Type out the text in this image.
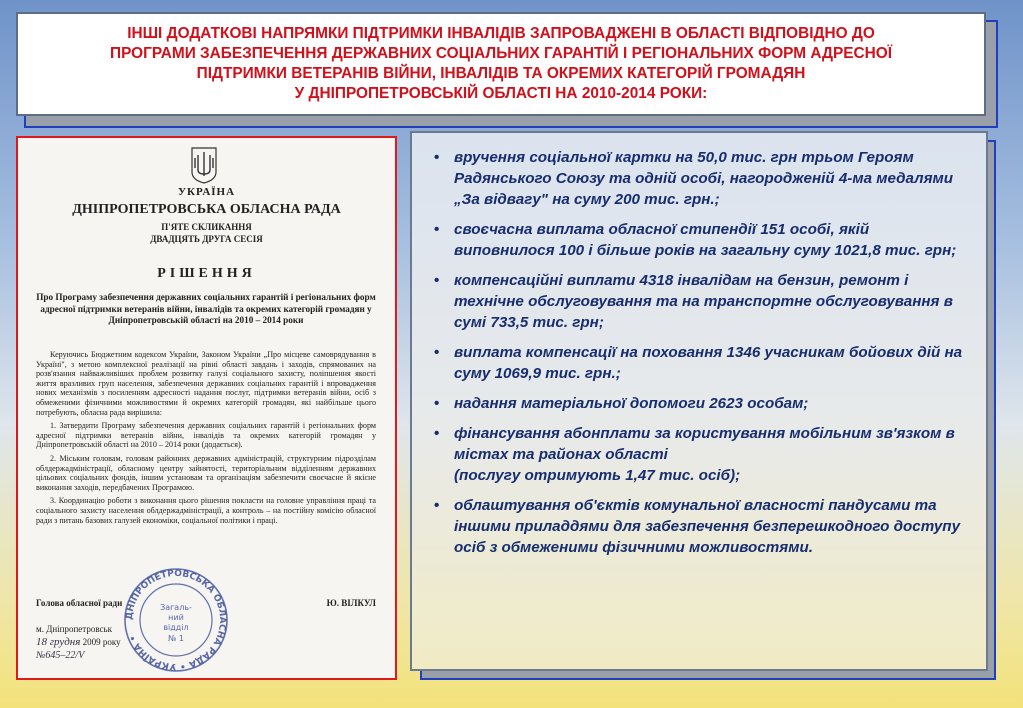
ІНШІ ДОДАТКОВІ НАПРЯМКИ ПІДТРИМКИ ІНВАЛІДІВ ЗАПРОВАДЖЕНІ В ОБЛАСТІ ВІДПОВІДНО ДО
ПРОГРАМИ ЗАБЕЗПЕЧЕННЯ ДЕРЖАВНИХ СОЦІАЛЬНИХ ГАРАНТІЙ І РЕГІОНАЛЬНИХ ФОРМ АДРЕСНОЇ
ПІДТРИМКИ ВЕТЕРАНІВ ВІЙНИ, ІНВАЛІДІВ ТА ОКРЕМИХ КАТЕГОРІЙ ГРОМАДЯН
У ДНІПРОПЕТРОВСЬКІЙ ОБЛАСТІ НА 2010-2014 РОКИ:
УКРАЇНА
ДНІПРОПЕТРОВСЬКА ОБЛАСНА РАДА
П'ЯТЕ СКЛИКАННЯ
ДВАДЦЯТЬ ДРУГА СЕСІЯ
РІШЕННЯ
Про Програму забезпечення державних соціальних гарантій і регіональних форм адресної підтримки ветеранів війни, інвалідів та окремих категорій громадян у Дніпропетровській області на 2010 – 2014 роки

Керуючись Бюджетним кодексом України, Законом України „Про місцеве самоврядування в Україні", з метою комплексної реалізації на рівні області завдань і заходів, спрямованих на розв'язання найважливіших проблем розвитку галузі соціального захисту, поліпшення якості життя вразливих груп населення, забезпечення державних соціальних гарантій і впровадження нових механізмів з посиленням адресності надання послуг, підтримки ветеранів війни, осіб з обмеженими фізичними можливостями й окремих категорій громадян, які найбільше цього потребують, обласна рада вирішила:

1. Затвердити Програму забезпечення державних соціальних гарантій і регіональних форм адресної підтримки ветеранів війни, інвалідів та окремих категорій громадян у Дніпропетровській області на 2010 – 2014 роки (додається).

2. Міським головам, головам районних державних адміністрацій, структурним підрозділам облдержадміністрації, обласному центру зайнятості, територіальним відділенням державних цільових соціальних фондів, іншим установам та організаціям забезпечити своєчасне й якісне виконання заходів, передбачених Програмою.

3. Координацію роботи з виконання цього рішення покласти на головне управління праці та соціального захисту населення облдержадміністрації, а контроль – на постійну комісію обласної ради з питань базових галузей економіки, соціальної політики і праці.

Голова обласної ради	Ю. ВІЛКУЛ
м. Дніпропетровськ
18 грудня 2009 року
№645–22/V
ДНІПРОПЕТРОВСЬКА ОБЛАСНА РАДА • УКРАЇНА •
Загаль-
ний
відділ
№ 1
• вручення соціальної картки на 50,0 тис. грн трьом Героям Радянського Союзу та одній особі, нагородженій 4-ма медалями „За відвагу" на суму 200 тис. грн.;
• своєчасна виплата обласної стипендії 151 особі, якій виповнилося 100 і більше років на загальну суму 1021,8 тис. грн;
• компенсаційні виплати 4318 інвалідам на бензин, ремонт і технічне обслуговування та на транспортне обслуговування в сумі 733,5 тис. грн;
• виплата компенсації на поховання 1346 учасникам бойових дій на суму 1069,9 тис. грн.;
• надання матеріальної допомоги 2623 особам;
• фінансування абонплати за користування мобільним зв'язком в містах та районах області
(послугу отримують 1,47 тис. осіб);
• облаштування об'єктів комунальної власності пандусами та іншими приладдями для забезпечення безперешкодного доступу осіб з обмеженими фізичними можливостями.
